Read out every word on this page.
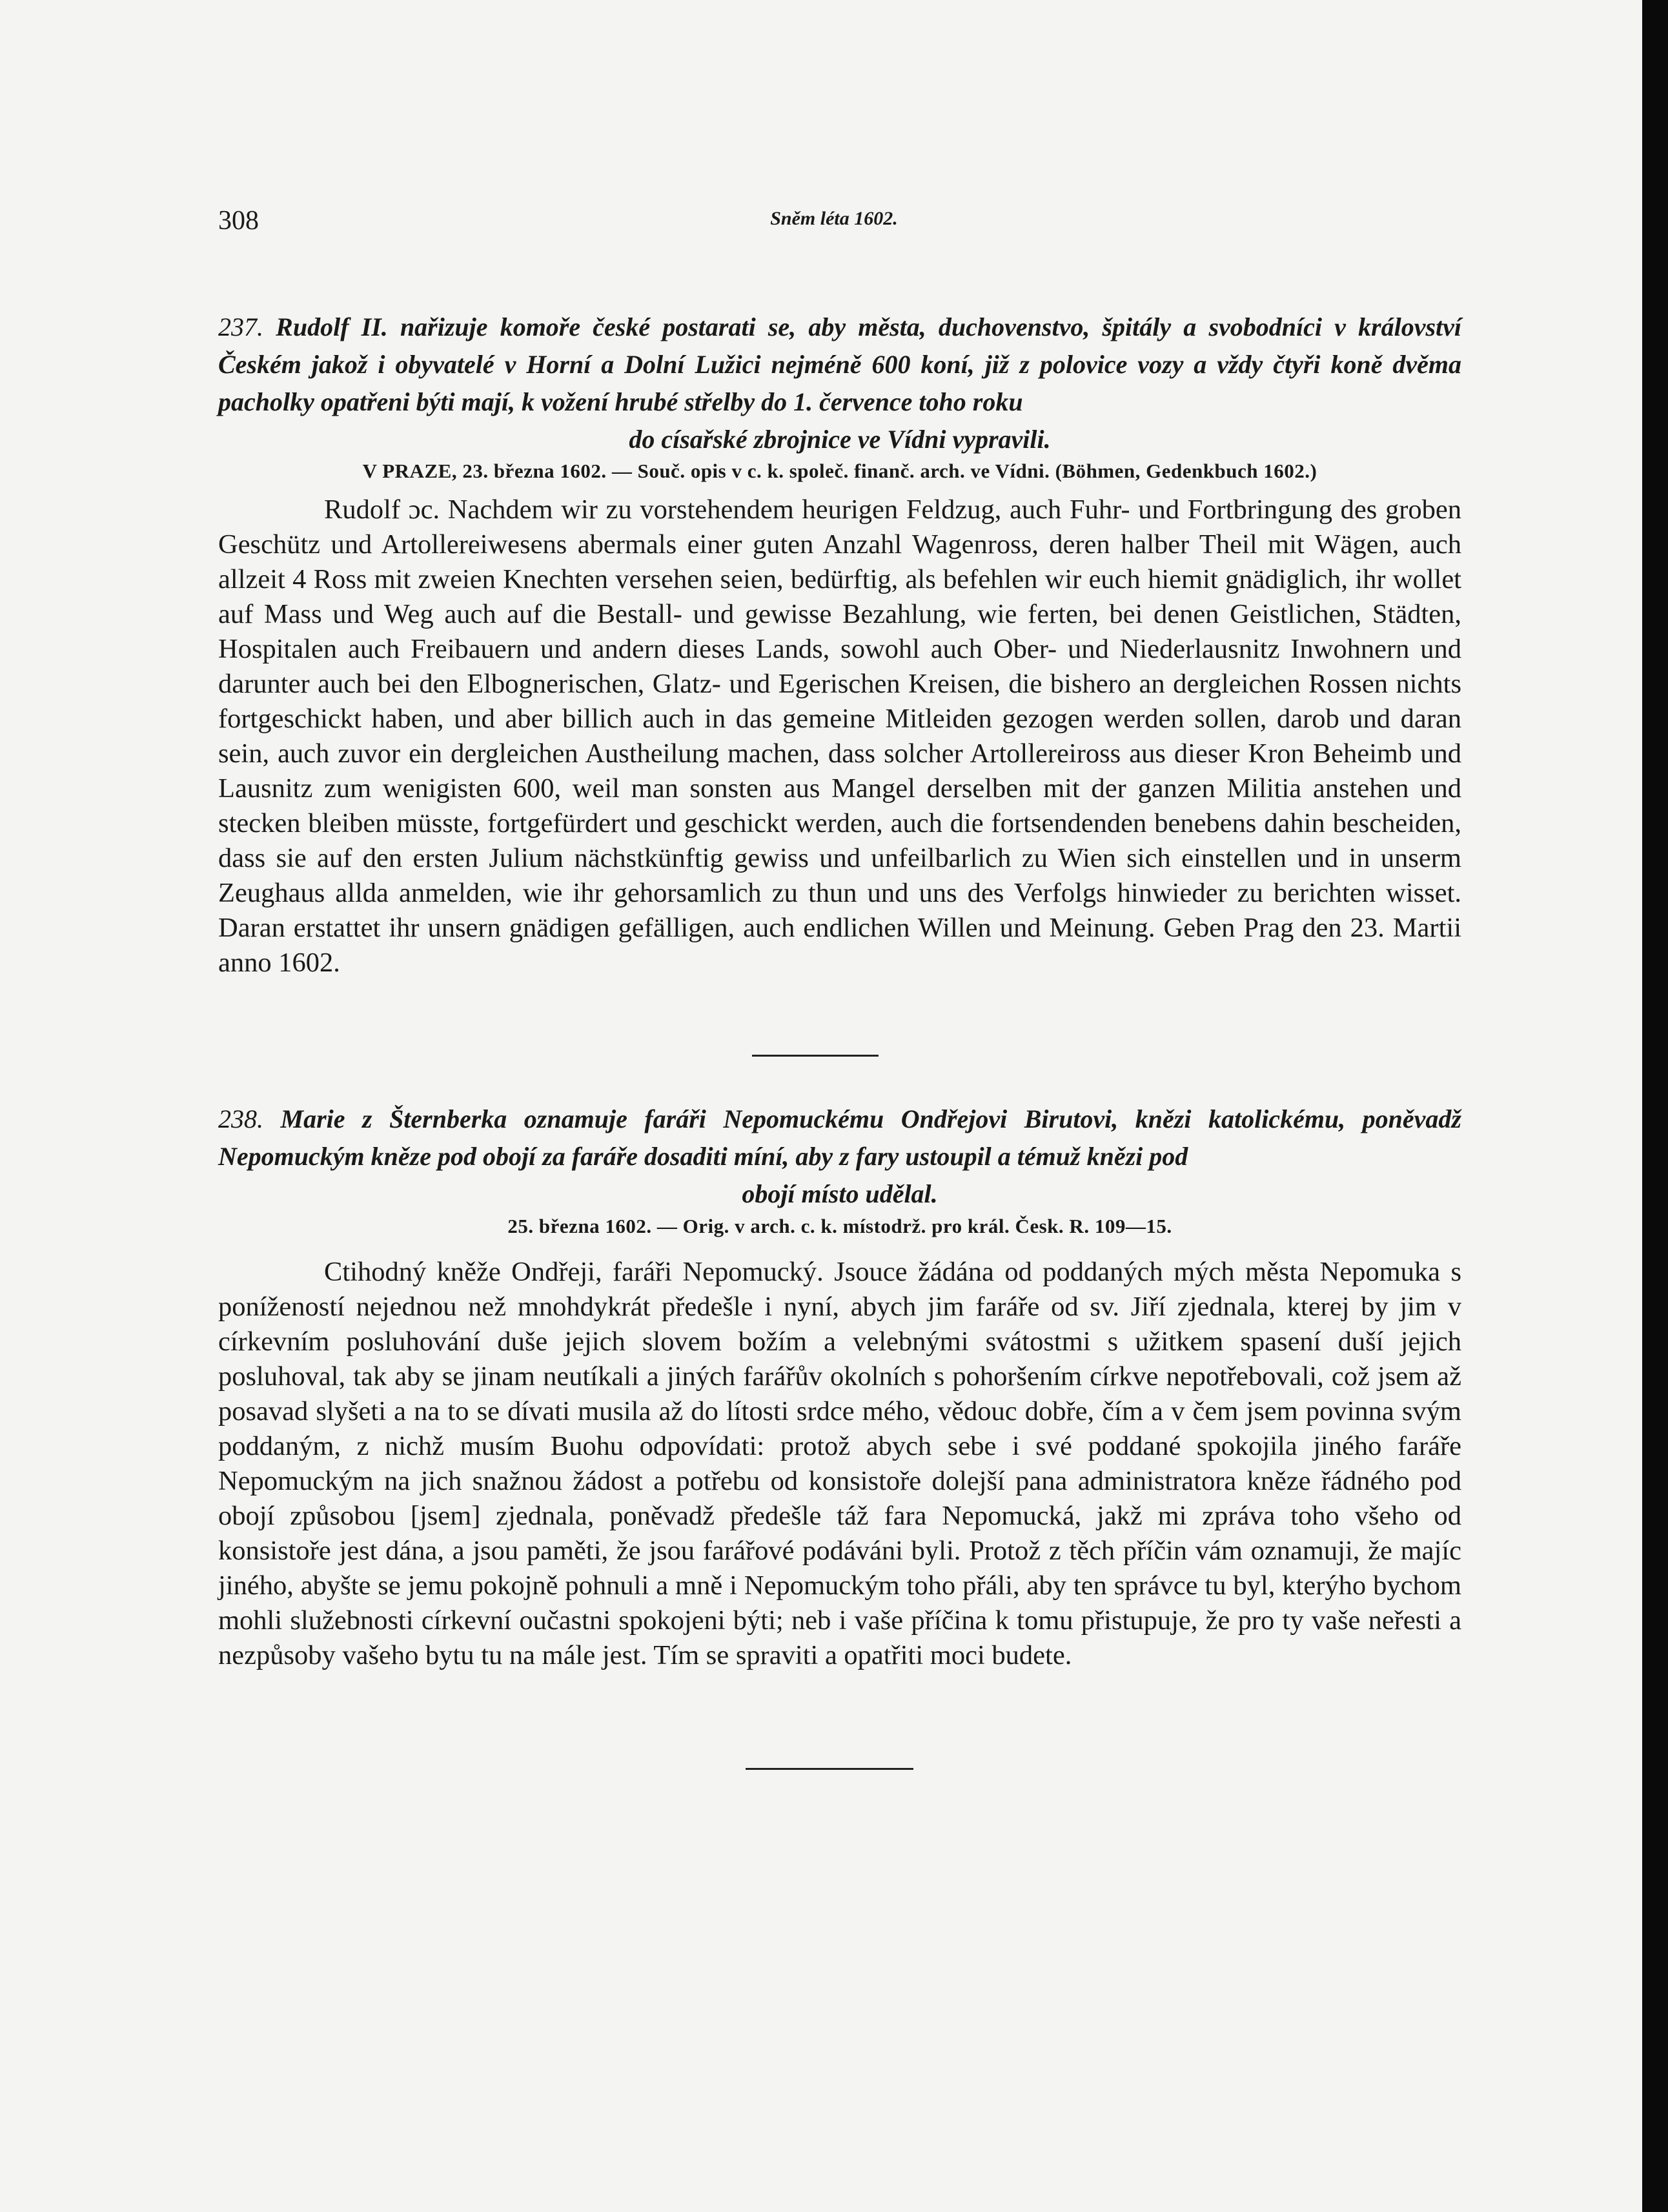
308	Sněm léta 1602.
237. Rudolf II. nařizuje komoře české postarati se, aby města, duchovenstvo, špitály a svobodníci v království Českém jakož i obyvatelé v Horní a Dolní Lužici nejméně 600 koní, již z polovice vozy a vždy čtyři koně dvěma pacholky opatřeni býti mají, k vožení hrubé střelby do 1. července toho roku
do císařské zbrojnice ve Vídni vypravili.
V PRAZE, 23. března 1602. — Souč. opis v c. k. společ. finanč. arch. ve Vídni. (Böhmen, Gedenkbuch 1602.)

Rudolf ɔc. Nachdem wir zu vorstehendem heurigen Feldzug, auch Fuhr- und Fortbringung des groben Geschütz und Artollereiwesens abermals einer guten Anzahl Wagenross, deren halber Theil mit Wägen, auch allzeit 4 Ross mit zweien Knechten versehen seien, bedürftig, als befehlen wir euch hiemit gnädiglich, ihr wollet auf Mass und Weg auch auf die Bestall- und gewisse Bezahlung, wie ferten, bei denen Geistlichen, Städten, Hospitalen auch Freibauern und andern dieses Lands, sowohl auch Ober- und Niederlausnitz Inwohnern und darunter auch bei den Elbognerischen, Glatz- und Egerischen Kreisen, die bishero an dergleichen Rossen nichts fortgeschickt haben, und aber billich auch in das gemeine Mitleiden gezogen werden sollen, darob und daran sein, auch zuvor ein dergleichen Austheilung machen, dass solcher Artollereiross aus dieser Kron Beheimb und Lausnitz zum wenigisten 600, weil man sonsten aus Mangel derselben mit der ganzen Militia anstehen und stecken bleiben müsste, fortgefürdert und geschickt werden, auch die fortsendenden benebens dahin bescheiden, dass sie auf den ersten Julium nächstkünftig gewiss und unfeilbarlich zu Wien sich einstellen und in unserm Zeughaus allda anmelden, wie ihr gehorsamlich zu thun und uns des Verfolgs hinwieder zu berichten wisset. Daran erstattet ihr unsern gnädigen gefälligen, auch endlichen Willen und Meinung. Geben Prag den 23. Martii anno 1602.

238. Marie z Šternberka oznamuje faráři Nepomuckému Ondřejovi Birutovi, knězi katolickému, poněvadž Nepomuckým kněze pod obojí za faráře dosaditi míní, aby z fary ustoupil a témuž knězi pod
obojí místo udělal.
25. března 1602. — Orig. v arch. c. k. místodrž. pro král. Česk. R. 109—15.

Ctihodný kněže Ondřeji, faráři Nepomucký. Jsouce žádána od poddaných mých města Nepomuka s ponížeností nejednou než mnohdykrát předešle i nyní, abych jim faráře od sv. Jiří zjednala, kterej by jim v církevním posluhování duše jejich slovem božím a velebnými svátostmi s užitkem spasení duší jejich posluhoval, tak aby se jinam neutíkali a jiných farářův okolních s pohoršením církve nepotřebovali, což jsem až posavad slyšeti a na to se dívati musila až do lítosti srdce mého, vědouc dobře, čím a v čem jsem povinna svým poddaným, z nichž musím Buohu odpovídati: protož abych sebe i své poddané spokojila jiného faráře Nepomuckým na jich snažnou žádost a potřebu od konsistoře dolejší pana administratora kněze řádného pod obojí způsobou [jsem] zjednala, poněvadž předešle táž fara Nepomucká, jakž mi zpráva toho všeho od konsistoře jest dána, a jsou paměti, že jsou farářové podáváni byli. Protož z těch příčin vám oznamuji, že majíc jiného, abyšte se jemu pokojně pohnuli a mně i Nepomuckým toho přáli, aby ten správce tu byl, kterýho bychom mohli služebnosti církevní oučastni spokojeni býti; neb i vaše příčina k tomu přistupuje, že pro ty vaše neřesti a nezpůsoby vašeho bytu tu na mále jest. Tím se spraviti a opatřiti moci budete.
